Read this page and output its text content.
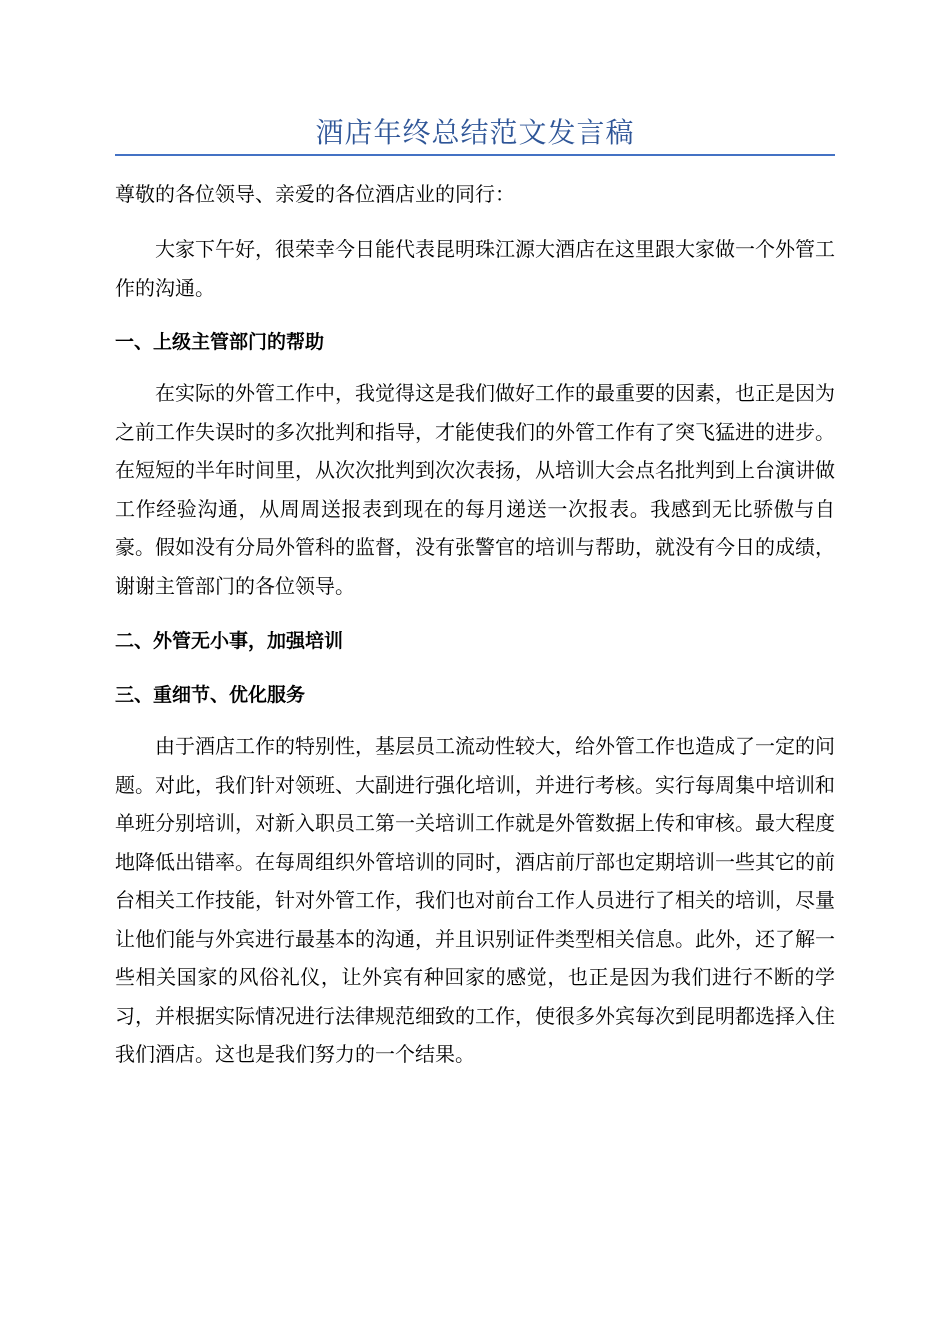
酒店年终总结范文发言稿

尊敬的各位领导、亲爱的各位酒店业的同行：

大家下午好，很荣幸今日能代表昆明珠江源大酒店在这里跟大家做一个外管工作的沟通。

一、上级主管部门的帮助

在实际的外管工作中，我觉得这是我们做好工作的最重要的因素，也正是因为之前工作失误时的多次批判和指导，才能使我们的外管工作有了突飞猛进的进步。在短短的半年时间里，从次次批判到次次表扬，从培训大会点名批判到上台演讲做工作经验沟通，从周周送报表到现在的每月递送一次报表。我感到无比骄傲与自豪。假如没有分局外管科的监督，没有张警官的培训与帮助，就没有今日的成绩，谢谢主管部门的各位领导。

二、外管无小事，加强培训
三、重细节、优化服务

由于酒店工作的特别性，基层员工流动性较大，给外管工作也造成了一定的问题。对此，我们针对领班、大副进行强化培训，并进行考核。实行每周集中培训和单班分别培训，对新入职员工第一关培训工作就是外管数据上传和审核。最大程度地降低出错率。在每周组织外管培训的同时，酒店前厅部也定期培训一些其它的前台相关工作技能，针对外管工作，我们也对前台工作人员进行了相关的培训，尽量让他们能与外宾进行最基本的沟通，并且识别证件类型相关信息。此外，还了解一些相关国家的风俗礼仪，让外宾有种回家的感觉，也正是因为我们进行不断的学习，并根据实际情况进行法律规范细致的工作，使很多外宾每次到昆明都选择入住我们酒店。这也是我们努力的一个结果。
